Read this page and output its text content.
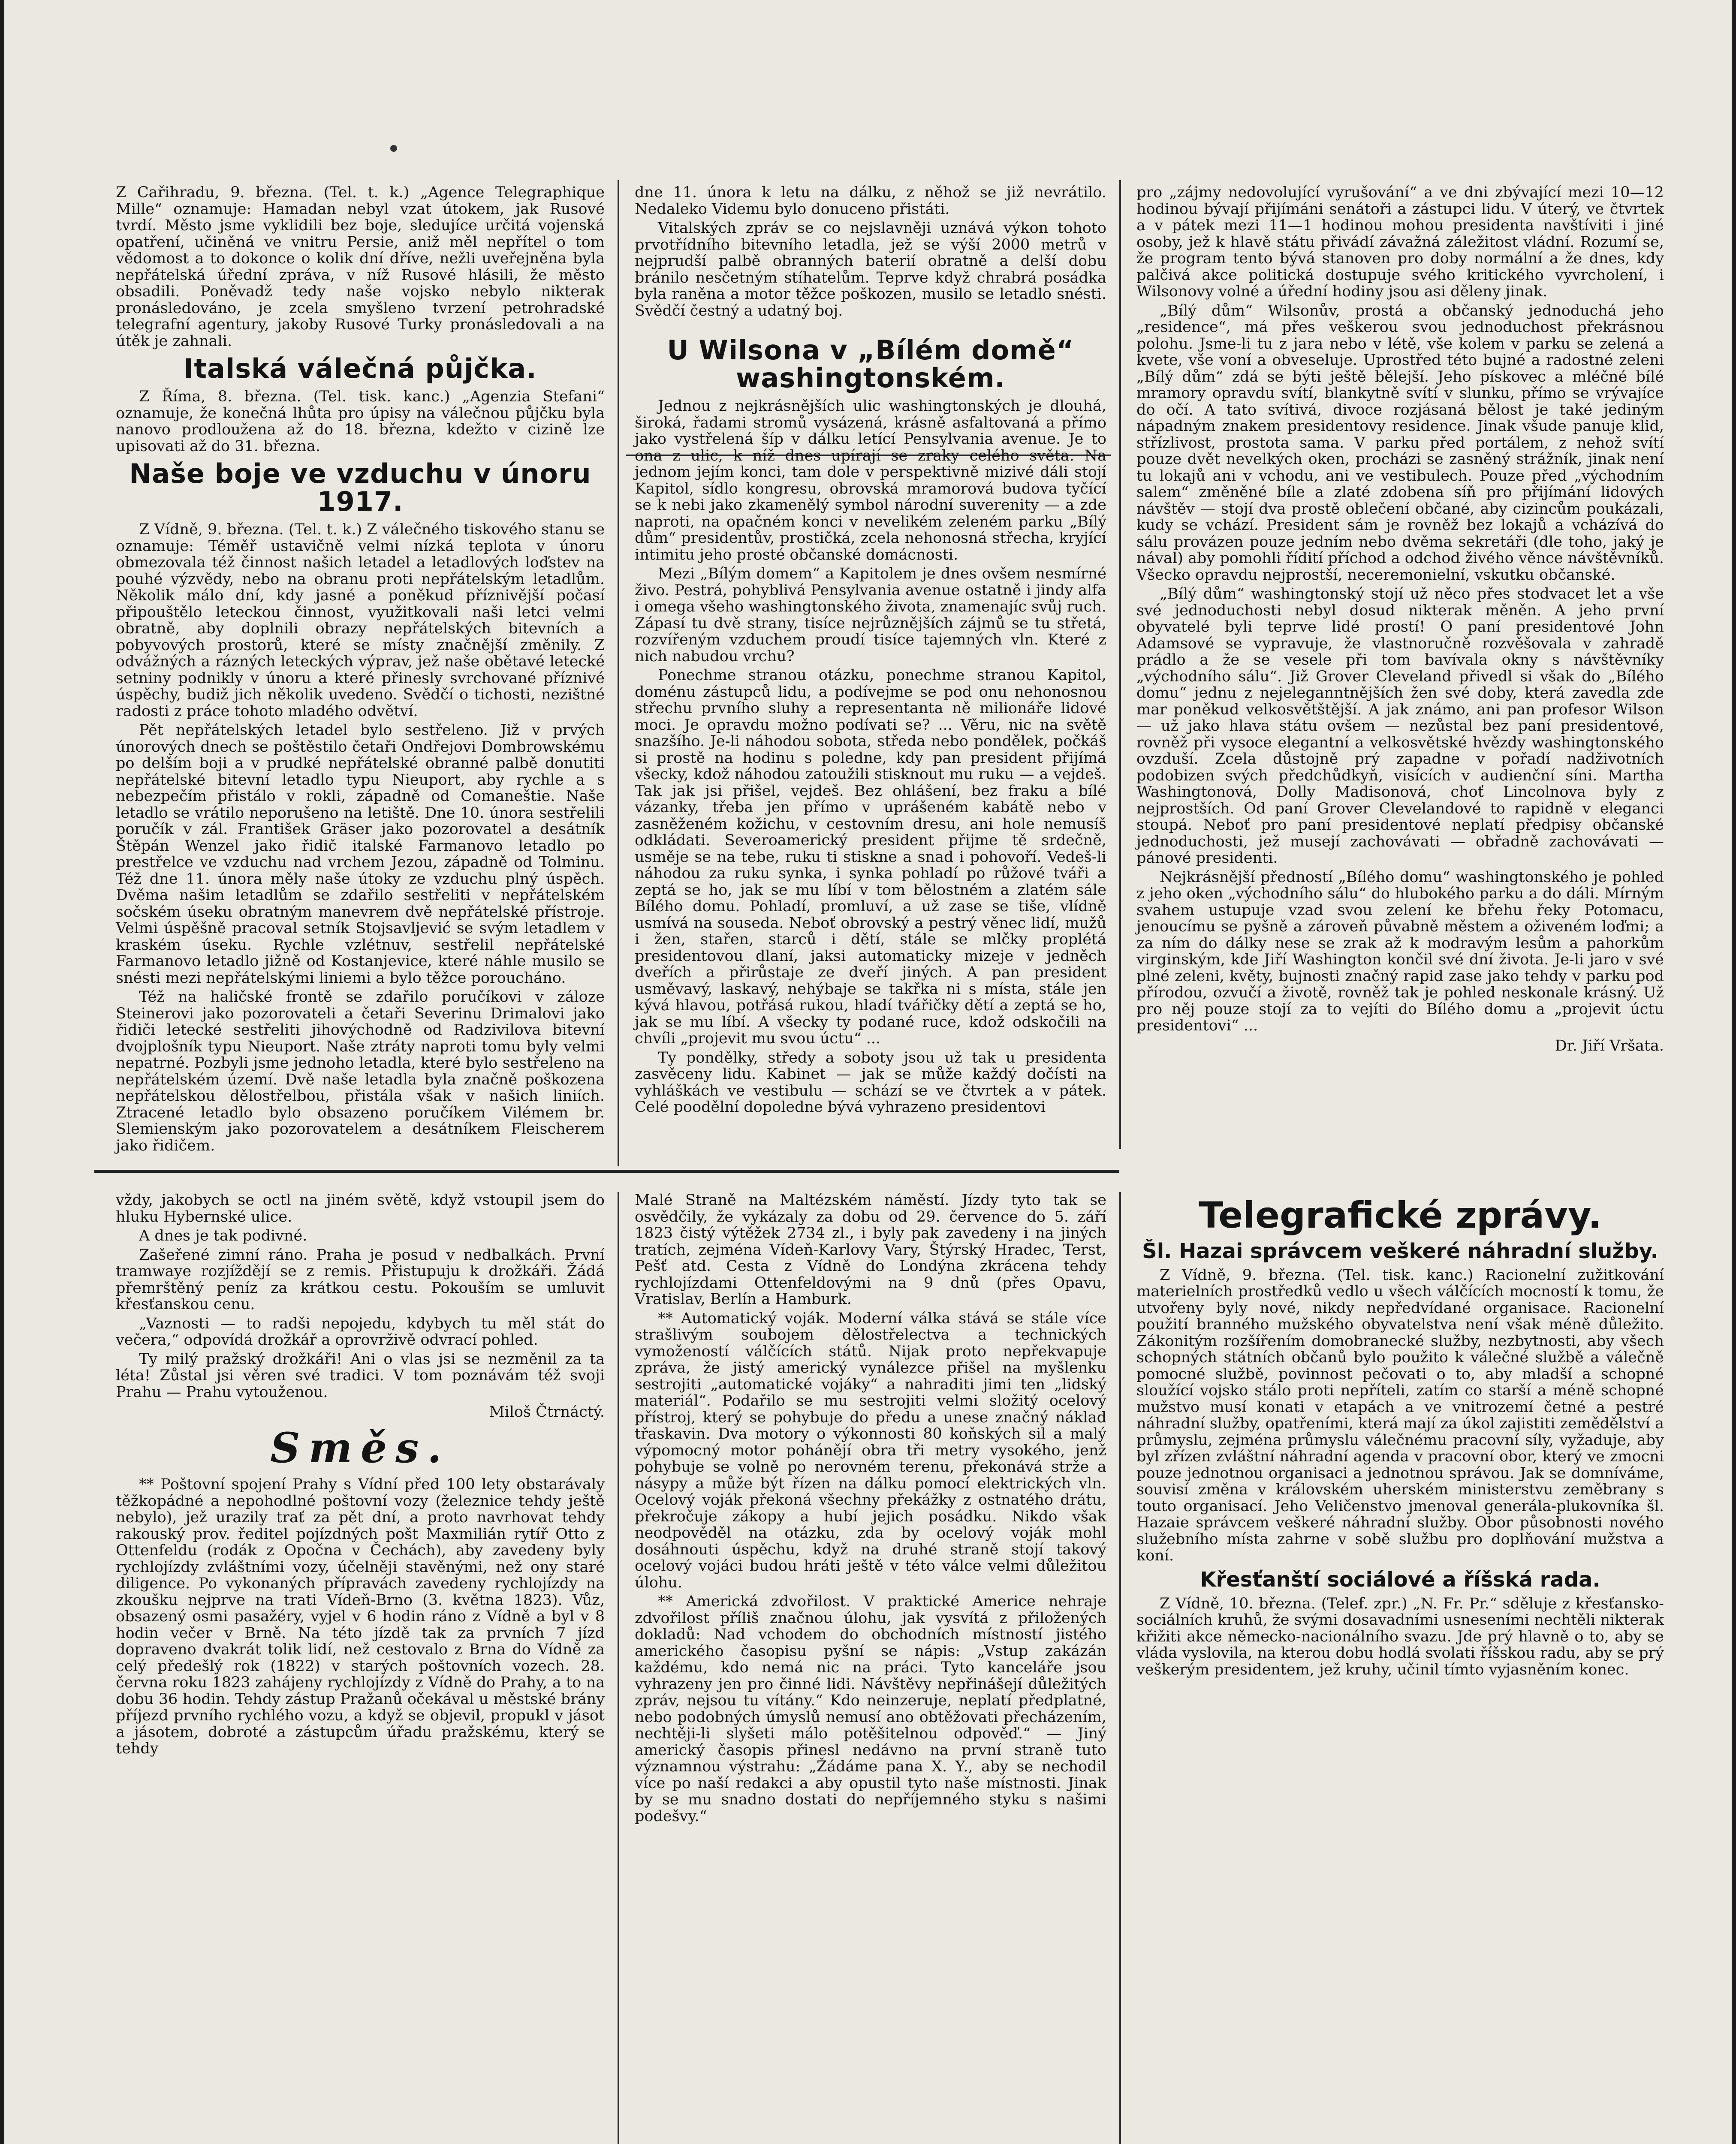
Z Cařihradu, 9. března. (Tel. t. k.) „Agence Telegraphique Mille“ oznamuje: Hamadan nebyl vzat útokem, jak Rusové tvrdí. Město jsme vyklidili bez boje, sledujíce určitá vojenská opatření, učiněná ve vnitru Persie, aniž měl nepřítel o tom vědomost a to dokonce o kolik dní dříve, nežli uveřejněna byla nepřátelská úřední zpráva, v níž Rusové hlásili, že město obsadili. Poněvadž tedy naše vojsko nebylo nikterak pronásledováno, je zcela smyšleno tvrzení petrohradské telegrafní agentury, jakoby Rusové Turky pronásledovali a na útěk je zahnali.

Italská válečná půjčka.

Z Říma, 8. března. (Tel. tisk. kanc.) „Agenzia Stefani“ oznamuje, že konečná lhůta pro úpisy na válečnou půjčku byla nanovo prodloužena až do 18. března, kdežto v cizině lze upisovati až do 31. března.

Naše boje ve vzduchu v únoru 1917.

Z Vídně, 9. března. (Tel. t. k.) Z válečného tiskového stanu se oznamuje: Téměř ustavičně velmi nízká teplota v únoru obmezovala též činnost našich letadel a letadlových loďstev na pouhé výzvědy, nebo na obranu proti nepřátelským letadlům. Několik málo dní, kdy jasné a poněkud příznivější počasí připouštělo leteckou činnost, využitkovali naši letci velmi obratně, aby doplnili obrazy nepřátelských bitevních a pobyvových prostorů, které se místy značnější změnily. Z odvážných a rázných leteckých výprav, jež naše obětavé letecké setniny podnikly v únoru a které přinesly svrchované příznivé úspěchy, budiž jich několik uvedeno. Svědčí o tichosti, nezištné radosti z práce tohoto mladého odvětví.

Pět nepřátelských letadel bylo sestřeleno. Již v prvých únorových dnech se poštěstilo četaři Ondřejovi Dombrowskému po delším boji a v prudké nepřátelské obranné palbě donutiti nepřátelské bitevní letadlo typu Nieuport, aby rychle a s nebezpečím přistálo v rokli, západně od Comaneštie. Naše letadlo se vrátilo neporušeno na letiště. Dne 10. února sestřelili poručík v zál. František Gräser jako pozorovatel a desátník Štěpán Wenzel jako řidič italské Farmanovo letadlo po prestřelce ve vzduchu nad vrchem Jezou, západně od Tolminu. Též dne 11. února měly naše útoky ze vzduchu plný úspěch. Dvěma našim letadlům se zdařilo sestřeliti v nepřátelském sočském úseku obratným manevrem dvě nepřátelské přístroje. Velmi úspěšně pracoval setník Stojsavljević se svým letadlem v kraském úseku. Rychle vzlétnuv, sestřelil nepřátelské Farmanovo letadlo jižně od Kostanjevice, které náhle musilo se snésti mezi nepřátelskými liniemi a bylo těžce poroucháno.

Též na haličské frontě se zdařilo poručíkovi v záloze Steinerovi jako pozorovateli a četaři Severinu Drimalovi jako řidiči letecké sestřeliti jihovýchodně od Radzivilova bitevní dvojplošník typu Nieuport. Naše ztráty naproti tomu byly velmi nepatrné. Pozbyli jsme jednoho letadla, které bylo sestřeleno na nepřátelském území. Dvě naše letadla byla značně poškozena nepřátelskou dělostřelbou, přistála však v našich liniích. Ztracené letadlo bylo obsazeno poručíkem Vilémem br. Slemienským jako pozorovatelem a desátníkem Fleischerem jako řidičem.

dne 11. února k letu na dálku, z něhož se již nevrátilo. Nedaleko Videmu bylo donuceno přistáti.

Vitalských zpráv se co nejslavněji uznává výkon tohoto prvotřídního bitevního letadla, jež se výší 2000 metrů v nejprudší palbě obranných baterií obratně a delší dobu bránilo nesčetným stíhatelům. Teprve když chrabrá posádka byla raněna a motor těžce poškozen, musilo se letadlo snésti. Svědčí čestný a udatný boj.

U Wilsona v „Bílém domě“ washingtonském.

Jednou z nejkrásnějších ulic washingtonských je dlouhá, široká, řadami stromů vysázená, krásně asfaltovaná a přímo jako vystřelená šíp v dálku letící Pensylvania avenue. Je to ona z ulic, k níž dnes upírají se zraky celého světa. Na jednom jejím konci, tam dole v perspektivně mizivé dáli stojí Kapitol, sídlo kongresu, obrovská mramorová budova tyčící se k nebi jako zkamenělý symbol národní suverenity — a zde naproti, na opačném konci v nevelikém zeleném parku „Bílý dům“ presidentův, prostičká, zcela nehonosná střecha, kryjící intimitu jeho prosté občanské domácnosti.

Mezi „Bílým domem“ a Kapitolem je dnes ovšem nesmírné živo. Pestrá, pohyblivá Pensylvania avenue ostatně i jindy alfa i omega všeho washingtonského života, znamenajíc svůj ruch. Zápasí tu dvě strany, tisíce nejrůznějších zájmů se tu střetá, rozvířeným vzduchem proudí tisíce tajemných vln. Které z nich nabudou vrchu?

Ponechme stranou otázku, ponechme stranou Kapitol, doménu zástupců lidu, a podívejme se pod onu nehonosnou střechu prvního sluhy a representanta ně milionáře lidové moci. Je opravdu možno podívati se? ... Věru, nic na světě snazšího. Je-li náhodou sobota, středa nebo pondělek, počkáš si prostě na hodinu s poledne, kdy pan president přijímá všecky, kdož náhodou zatoužili stisknout mu ruku — a vejdeš. Tak jak jsi přišel, vejdeš. Bez ohlášení, bez fraku a bílé vázanky, třeba jen přímo v uprášeném kabátě nebo v zasněženém kožichu, v cestovním dresu, ani hole nemusíš odkládati. Severoamerický president přijme tě srdečně, usměje se na tebe, ruku ti stiskne a snad i pohovoří. Vedeš-li náhodou za ruku synka, i synka pohladí po růžové tváři a zeptá se ho, jak se mu líbí v tom bělostném a zlatém sále Bílého domu. Pohladí, promluví, a už zase se tiše, vlídně usmívá na souseda. Neboť obrovský a pestrý věnec lidí, mužů i žen, stařen, starců i dětí, stále se mlčky proplétá presidentovou dlaní, jaksi automaticky mizeje v jedněch dveřích a přirůstaje ze dveří jiných. A pan president usměvavý, laskavý, nehýbaje se takřka ni s místa, stále jen kývá hlavou, potřásá rukou, hladí tvářičky dětí a zeptá se ho, jak se mu líbí. A všecky ty podané ruce, kdož odskočili na chvíli „projevit mu svou úctu“ ...

Ty pondělky, středy a soboty jsou už tak u presidenta zasvěceny lidu. Kabinet — jak se může každý dočísti na vyhláškách ve vestibulu — schází se ve čtvrtek a v pátek. Celé poodělní dopoledne bývá vyhrazeno presidentovi

pro „zájmy nedovolující vyrušování“ a ve dni zbývající mezi 10—12 hodinou bývají přijímáni senátoři a zástupci lidu. V úterý, ve čtvrtek a v pátek mezi 11—1 hodinou mohou presidenta navštíviti i jiné osoby, jež k hlavě státu přivádí závažná záležitost vládní. Rozumí se, že program tento bývá stanoven pro doby normální a že dnes, kdy palčivá akce politická dostupuje svého kritického vyvrcholení, i Wilsonovy volné a úřední hodiny jsou asi děleny jinak.

„Bílý dům“ Wilsonův, prostá a občanský jednoduchá jeho „residence“, má přes veškerou svou jednoduchost překrásnou polohu. Jsme-li tu z jara nebo v létě, vše kolem v parku se zelená a kvete, vše voní a obveseluje. Uprostřed této bujné a radostné zeleni „Bílý dům“ zdá se býti ještě bělejší. Jeho pískovec a mléčné bílé mramory opravdu svítí, blankytně svítí v slunku, přímo se vrývajíce do očí. A tato svítivá, divoce rozjásaná bělost je také jediným nápadným znakem presidentovy residence. Jinak všude panuje klid, střízlivost, prostota sama. V parku před portálem, z nehož svítí pouze dvět nevelkých oken, procházi se zasněný strážník, jinak není tu lokajů ani v vchodu, ani ve vestibulech. Pouze před „východním salem“ změněné bíle a zlaté zdobena síň pro přijímání lidových návštěv — stojí dva prostě oblečení občané, aby cizincům poukázali, kudy se vchází. President sám je rovněž bez lokajů a vcházívá do sálu provázen pouze jedním nebo dvěma sekretáři (dle toho, jaký je nával) aby pomohli řídití příchod a odchod živého věnce návštěvníků. Všecko opravdu nejprostší, neceremonielní, vskutku občanské.

„Bílý dům“ washingtonský stojí už něco přes stodvacet let a vše své jednoduchosti nebyl dosud nikterak měněn. A jeho první obyvatelé byli teprve lidé prostí! O paní presidentové John Adamsové se vypravuje, že vlastnoručně rozvěšovala v zahradě prádlo a že se vesele při tom bavívala okny s návštěvníky „východního sálu“. Již Grover Cleveland přivedl si však do „Bílého domu“ jednu z nejeleganntnějších žen své doby, která zavedla zde mar poněkud velkosvětštější. A jak známo, ani pan profesor Wilson — už jako hlava státu ovšem — nezůstal bez paní presidentové, rovněž při vysoce elegantní a velkosvětské hvězdy washingtonského ovzduší. Zcela důstojně prý zapadne v pořadí nadživotních podobizen svých předchůdkyň, visících v audienční síni. Martha Washingtonová, Dolly Madisonová, choť Lincolnova byly z nejprostších. Od paní Grover Clevelandové to rapidně v eleganci stoupá. Neboť pro paní presidentové neplatí předpisy občanské jednoduchosti, jež musejí zachovávati — obřadně zachovávati — pánové presidenti.

Nejkrásnější předností „Bílého domu“ washingtonského je pohled z jeho oken „východního sálu“ do hlubokého parku a do dáli. Mírným svahem ustupuje vzad svou zelení ke břehu řeky Potomacu, jenoucímu se pyšně a zároveň půvabně městem a oživeném loďmi; a za ním do dálky nese se zrak až k modravým lesům a pahorkům virginským, kde Jiří Washington končil své dní života. Je-li jaro v své plné zeleni, květy, bujnosti značný rapid zase jako tehdy v parku pod přírodou, ozvučí a životě, rovněž tak je pohled neskonale krásný. Už pro něj pouze stojí za to vejíti do Bílého domu a „projevit úctu presidentovi“ ...

Dr. Jiří Vršata.

vždy, jakobych se octl na jiném světě, když vstoupil jsem do hluku Hybernské ulice.

A dnes je tak podivné.

Zašeřené zimní ráno. Praha je posud v nedbalkách. První tramwaye rozjíždějí se z remis. Přistupuju k drožkáři. Žádá přemrštěný peníz za krátkou cestu. Pokouším se umluvit křesťanskou cenu.

„Vaznosti — to radši nepojedu, kdybych tu měl stát do večera,“ odpovídá drožkář a oprovrživě odvrací pohled.

Ty milý pražský drožkáři! Ani o vlas jsi se nezměnil za ta léta! Zůstal jsi věren své tradici. V tom poznávám též svoji Prahu — Prahu vytouženou.

Miloš Čtrnáctý.

Směs.

** Poštovní spojení Prahy s Vídní před 100 lety obstarávaly těžkopádné a nepohodlné poštovní vozy (železnice tehdy ještě nebylo), jež urazily trať za pět dní, a proto navrhovat tehdy rakouský prov. ředitel pojízdných pošt Maxmilián rytíř Otto z Ottenfeldu (rodák z Opočna v Čechách), aby zavedeny byly rychlojízdy zvláštními vozy, účelněji stavěnými, než ony staré diligence. Po vykonaných přípravách zavedeny rychlojízdy na zkoušku nejprve na trati Vídeň-Brno (3. května 1823). Vůz, obsazený osmi pasažéry, vyjel v 6 hodin ráno z Vídně a byl v 8 hodin večer v Brně. Na této jízdě tak za prvních 7 jízd dopraveno dvakrát tolik lidí, než cestovalo z Brna do Vídně za celý předešlý rok (1822) v starých poštovních vozech. 28. června roku 1823 zahájeny rychlojízdy z Vídně do Prahy, a to na dobu 36 hodin. Tehdy zástup Pražanů očekával u městské brány příjezd prvního rychlého vozu, a když se objevil, propukl v jásot a jásotem, dobroté a zástupcům úřadu pražskému, který se tehdy

Malé Straně na Maltézském náměstí. Jízdy tyto tak se osvědčily, že vykázaly za dobu od 29. července do 5. září 1823 čistý výtěžek 2734 zl., i byly pak zavedeny i na jiných tratích, zejména Vídeň-Karlovy Vary, Štýrský Hradec, Terst, Pešť atd. Cesta z Vídně do Londýna zkrácena tehdy rychlojízdami Ottenfeldovými na 9 dnů (přes Opavu, Vratislav, Berlín a Hamburk.

** Automatický voják. Moderní válka stává se stále více strašlivým soubojem dělostřelectva a technických vymožeností válčících států. Nijak proto nepřekvapuje zpráva, že jistý americký vynálezce přišel na myšlenku sestrojiti „automatické vojáky“ a nahraditi jimi ten „lidský materiál“. Podařilo se mu sestrojiti velmi složitý ocelový přístroj, který se pohybuje do předu a unese značný náklad třaskavin. Dva motory o výkonnosti 80 koňských sil a malý výpomocný motor pohánějí obra tři metry vysokého, jenž pohybuje se volně po nerovném terenu, překonává strže a násypy a může být řízen na dálku pomocí elektrických vln. Ocelový voják překoná všechny překážky z ostnatého drátu, překročuje zákopy a hubí jejich posádku. Nikdo však neodpověděl na otázku, zda by ocelový voják mohl dosáhnouti úspěchu, když na druhé straně stojí takový ocelový vojáci budou hráti ještě v této válce velmi důležitou úlohu.

** Americká zdvořilost. V praktické Americe nehraje zdvořilost příliš značnou úlohu, jak vysvítá z přiložených dokladů: Nad vchodem do obchodních místností jistého amerického časopisu pyšní se nápis: „Vstup zakázán každému, kdo nemá nic na práci. Tyto kanceláře jsou vyhrazeny jen pro činné lidi. Návštěvy nepřinášejí důležitých zpráv, nejsou tu vítány.“ Kdo neinzeruje, neplatí předplatné, nebo podobných úmyslů nemusí ano obtěžovati přecházením, nechtěji-li slyšeti málo potěšitelnou odpověď.“ — Jiný americký časopis přinesl nedávno na první straně tuto významnou výstrahu: „Žádáme pana X. Y., aby se nechodil více po naší redakci a aby opustil tyto naše místnosti. Jinak by se mu snadno dostati do nepříjemného styku s našimi podešvy.“

Telegrafické zprávy.
Šl. Hazai správcem veškeré náhradní služby.

Z Vídně, 9. března. (Tel. tisk. kanc.) Racionelní zužitkování materielních prostředků vedlo u všech válčících mocností k tomu, že utvořeny byly nové, nikdy nepředvídané organisace. Racionelní použití branného mužského obyvatelstva není však méně důležito. Zákonitým rozšířením domobranecké služby, nezbytnosti, aby všech schopných státních občanů bylo použito k válečné službě a válečně pomocné službě, povinnost pečovati o to, aby mladší a schopné sloužící vojsko stálo proti nepříteli, zatím co starší a méně schopné mužstvo musí konati v etapách a ve vnitrozemí četné a pestré náhradní služby, opatřeními, která mají za úkol zajistiti zemědělství a průmyslu, zejména průmyslu válečnému pracovní síly, vyžaduje, aby byl zřízen zvláštní náhradní agenda v pracovní obor, který ve zmocni pouze jednotnou organisaci a jednotnou správou. Jak se domníváme, souvisí změna v královském uherském ministerstvu zeměbrany s touto organisací. Jeho Veličenstvo jmenoval generála-plukovníka šl. Hazaie správcem veškeré náhradní služby. Obor působnosti nového služebního místa zahrne v sobě službu pro doplňování mužstva a koní.

Křesťanští sociálové a říšská rada.

Z Vídně, 10. března. (Telef. zpr.) „N. Fr. Pr.“ sděluje z křesťansko-sociálních kruhů, že svými dosavadními usneseními nechtěli nikterak křižiti akce německo-nacionálního svazu. Jde prý hlavně o to, aby se vláda vyslovila, na kterou dobu hodlá svolati říšskou radu, aby se prý veškerým presidentem, jež kruhy, učinil tímto vyjasněním konec.
